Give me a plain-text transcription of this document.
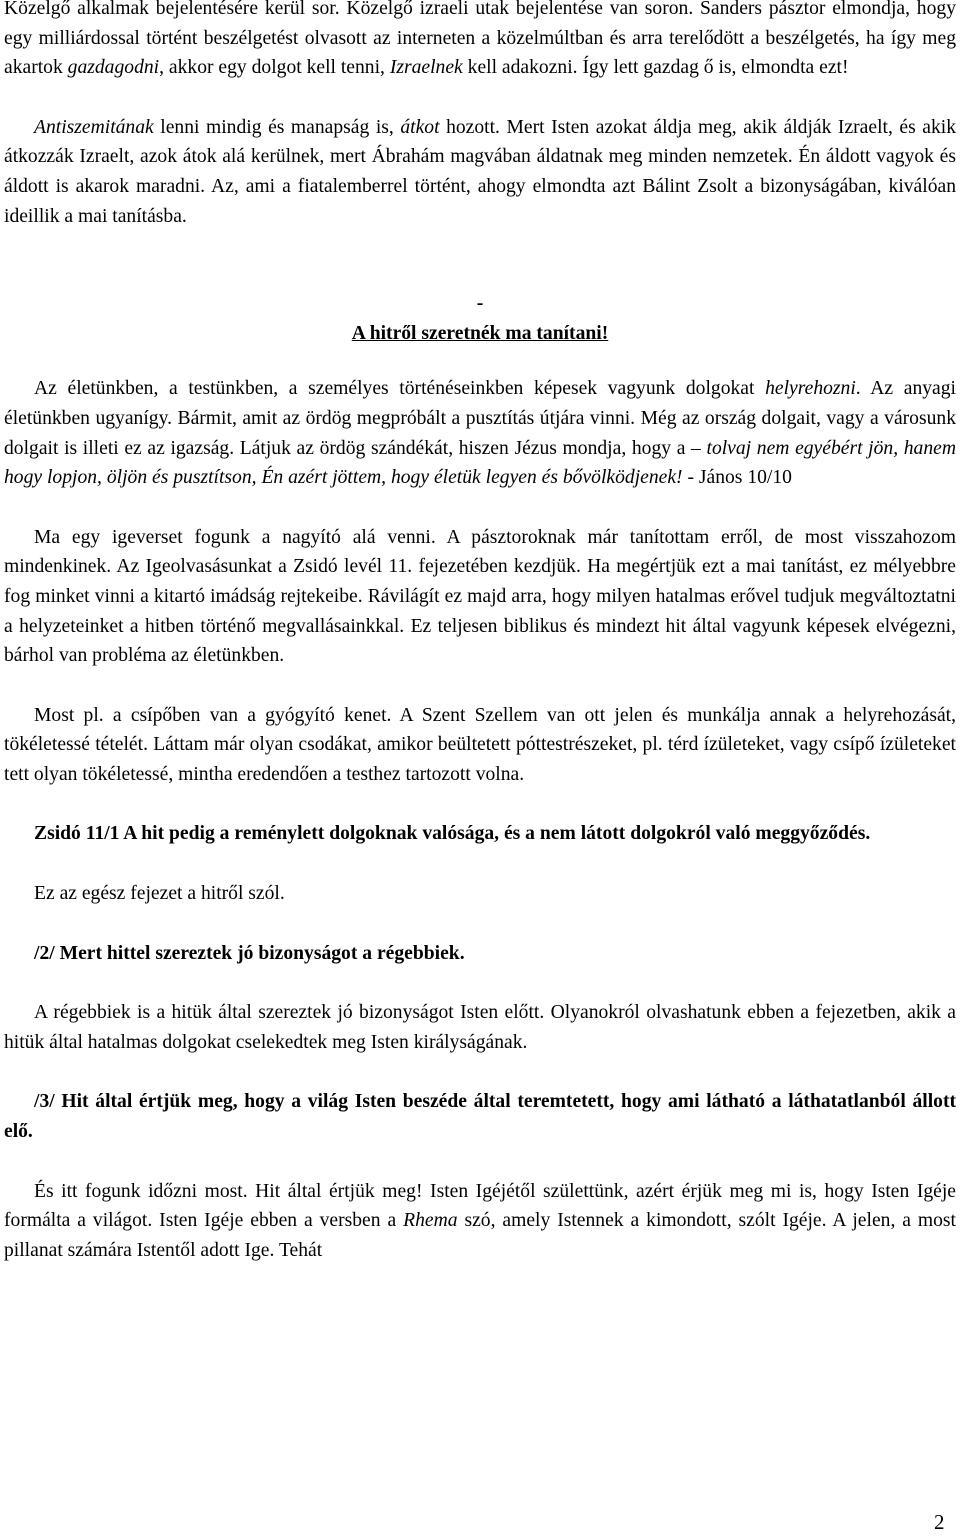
Közelgő alkalmak bejelentésére kerül sor. Közelgő izraeli utak bejelentése van soron. Sanders pásztor elmondja, hogy egy milliárdossal történt beszélgetést olvasott az interneten a közelmúltban és arra terelődött a beszélgetés, ha így meg akartok gazdagodni, akkor egy dolgot kell tenni, Izraelnek kell adakozni. Így lett gazdag ő is, elmondta ezt!

Antiszemitának lenni mindig és manapság is, átkot hozott. Mert Isten azokat áldja meg, akik áldják Izraelt, és akik átkozzák Izraelt, azok átok alá kerülnek, mert Ábrahám magvában áldatnak meg minden nemzetek. Én áldott vagyok és áldott is akarok maradni. Az, ami a fiatalemberrel történt, ahogy elmondta azt Bálint Zsolt a bizonyságában, kiválóan ideillik a mai tanításba.

-

A hitről szeretnék ma tanítani!

Az életünkben, a testünkben, a személyes történéseinkben képesek vagyunk dolgokat helyrehozni. Az anyagi életünkben ugyanígy. Bármit, amit az ördög megpróbált a pusztítás útjára vinni. Még az ország dolgait, vagy a városunk dolgait is illeti ez az igazság. Látjuk az ördög szándékát, hiszen Jézus mondja, hogy a – tolvaj nem egyébért jön, hanem hogy lopjon, öljön és pusztítson, Én azért jöttem, hogy életük legyen és bővölködjenek! - János 10/10

Ma egy igeverset fogunk a nagyító alá venni. A pásztoroknak már tanítottam erről, de most visszahozom mindenkinek. Az Igeolvasásunkat a Zsidó levél 11. fejezetében kezdjük. Ha megértjük ezt a mai tanítást, ez mélyebbre fog minket vinni a kitartó imádság rejtekeibe. Rávilágít ez majd arra, hogy milyen hatalmas erővel tudjuk megváltoztatni a helyzeteinket a hitben történő megvallásainkkal. Ez teljesen biblikus és mindezt hit által vagyunk képesek elvégezni, bárhol van probléma az életünkben.

Most pl. a csípőben van a gyógyító kenet. A Szent Szellem van ott jelen és munkálja annak a helyrehozását, tökéletessé tételét. Láttam már olyan csodákat, amikor beültetett póttestrészeket, pl. térd ízületeket, vagy csípő ízületeket tett olyan tökéletessé, mintha eredendően a testhez tartozott volna.

Zsidó 11/1 A hit pedig a reménylett dolgoknak valósága, és a nem látott dolgokról való meggyőződés.

Ez az egész fejezet a hitről szól.

/2/ Mert hittel szereztek jó bizonyságot a régebbiek.

A régebbiek is a hitük által szereztek jó bizonyságot Isten előtt. Olyanokról olvashatunk ebben a fejezetben, akik a hitük által hatalmas dolgokat cselekedtek meg Isten királyságának.

/3/ Hit által értjük meg, hogy a világ Isten beszéde által teremtetett, hogy ami látható a láthatatlanból állott elő.

És itt fogunk időzni most. Hit által értjük meg! Isten Igéjétől születtünk, azért érjük meg mi is, hogy Isten Igéje formálta a világot. Isten Igéje ebben a versben a Rhema szó, amely Istennek a kimondott, szólt Igéje. A jelen, a most pillanat számára Istentől adott Ige. Tehát

2
